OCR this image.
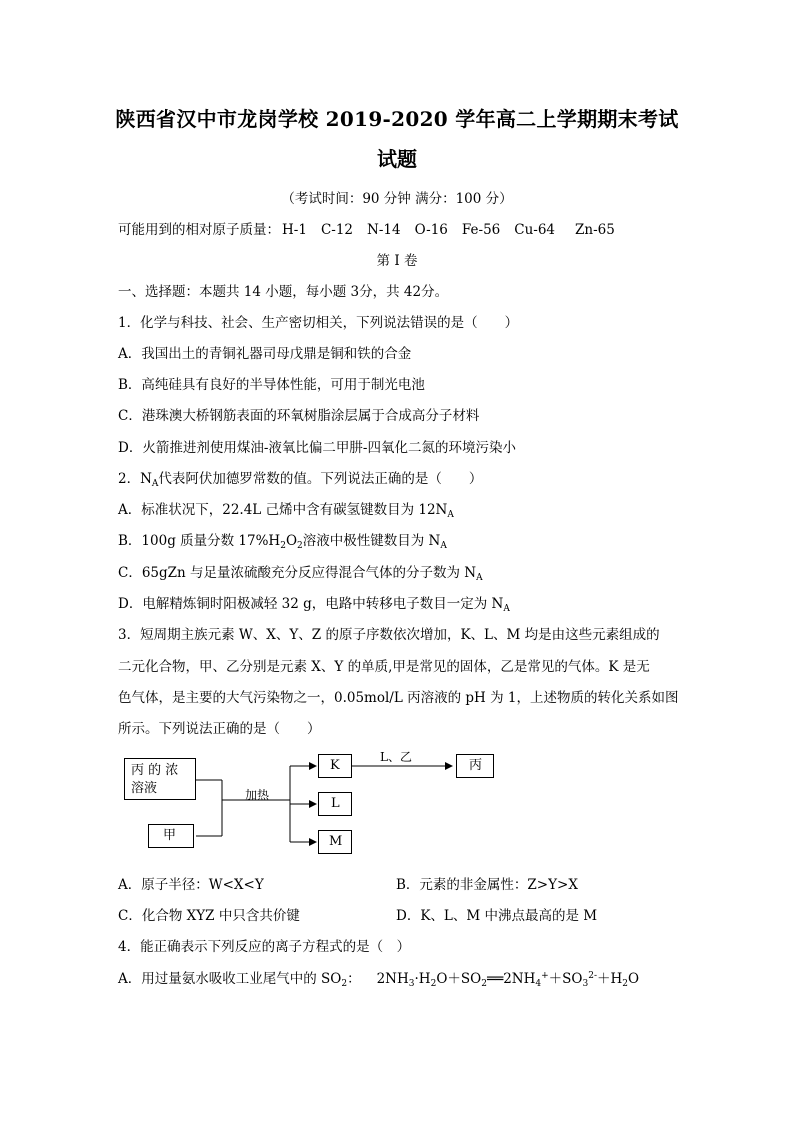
陕西省汉中市龙岗学校 2019-2020 学年高二上学期期末考试
试题
（考试时间：90 分钟 满分：100 分）
可能用到的相对原子质量： H-1 C-12 N-14 O-16 Fe-56 Cu-64 Zn-65
第 Ⅰ 卷
一、选择题：本题共 14 小题，每小题 3分，共 42分。
1．化学与科技、社会、生产密切相关，下列说法错误的是（　　）
A．我国出土的青铜礼器司母戊鼎是铜和铁的合金
B．高纯硅具有良好的半导体性能，可用于制光电池
C．港珠澳大桥钢筋表面的环氧树脂涂层属于合成高分子材料
D．火箭推进剂使用煤油-液氧比偏二甲肼-四氧化二氮的环境污染小
2．$N_A$代表阿伏加德罗常数的值。下列说法正确的是（　　）
A．标准状况下，22.4L 己烯中含有碳氢键数目为 $12N_A$
B．100g 质量分数 $17\%H_2O_2$溶液中极性键数目为 $N_A$
C．65gZn 与足量浓硫酸充分反应得混合气体的分子数为 $N_A$
D．电解精炼铜时阳极减轻 32 g，电路中转移电子数目一定为 $N_A$
3．短周期主族元素 W、X、Y、Z 的原子序数依次增加，K、L、M 均是由这些元素组成的
二元化合物，甲、乙分别是元素 X、Y 的单质,甲是常见的固体，乙是常见的气体。K 是无
色气体，是主要的大气污染物之一，0.05mol/L 丙溶液的 pH 为 1，上述物质的转化关系如图
所示。下列说法正确的是（　　）
丙 的 浓
溶液
甲
加热
K
L
M
L、乙
丙
A．原子半径：W<X<Y	B．元素的非金属性：Z>Y>X
C．化合物 XYZ 中只含共价键	D．K、L、M 中沸点最高的是 M
4．能正确表示下列反应的离子方程式的是（　）
A．用过量氨水吸收工业尾气中的 $SO_2$： $2NH_3\cdot H_2O+SO_2══2NH_4^++SO_3^{2-}+H_2O$
